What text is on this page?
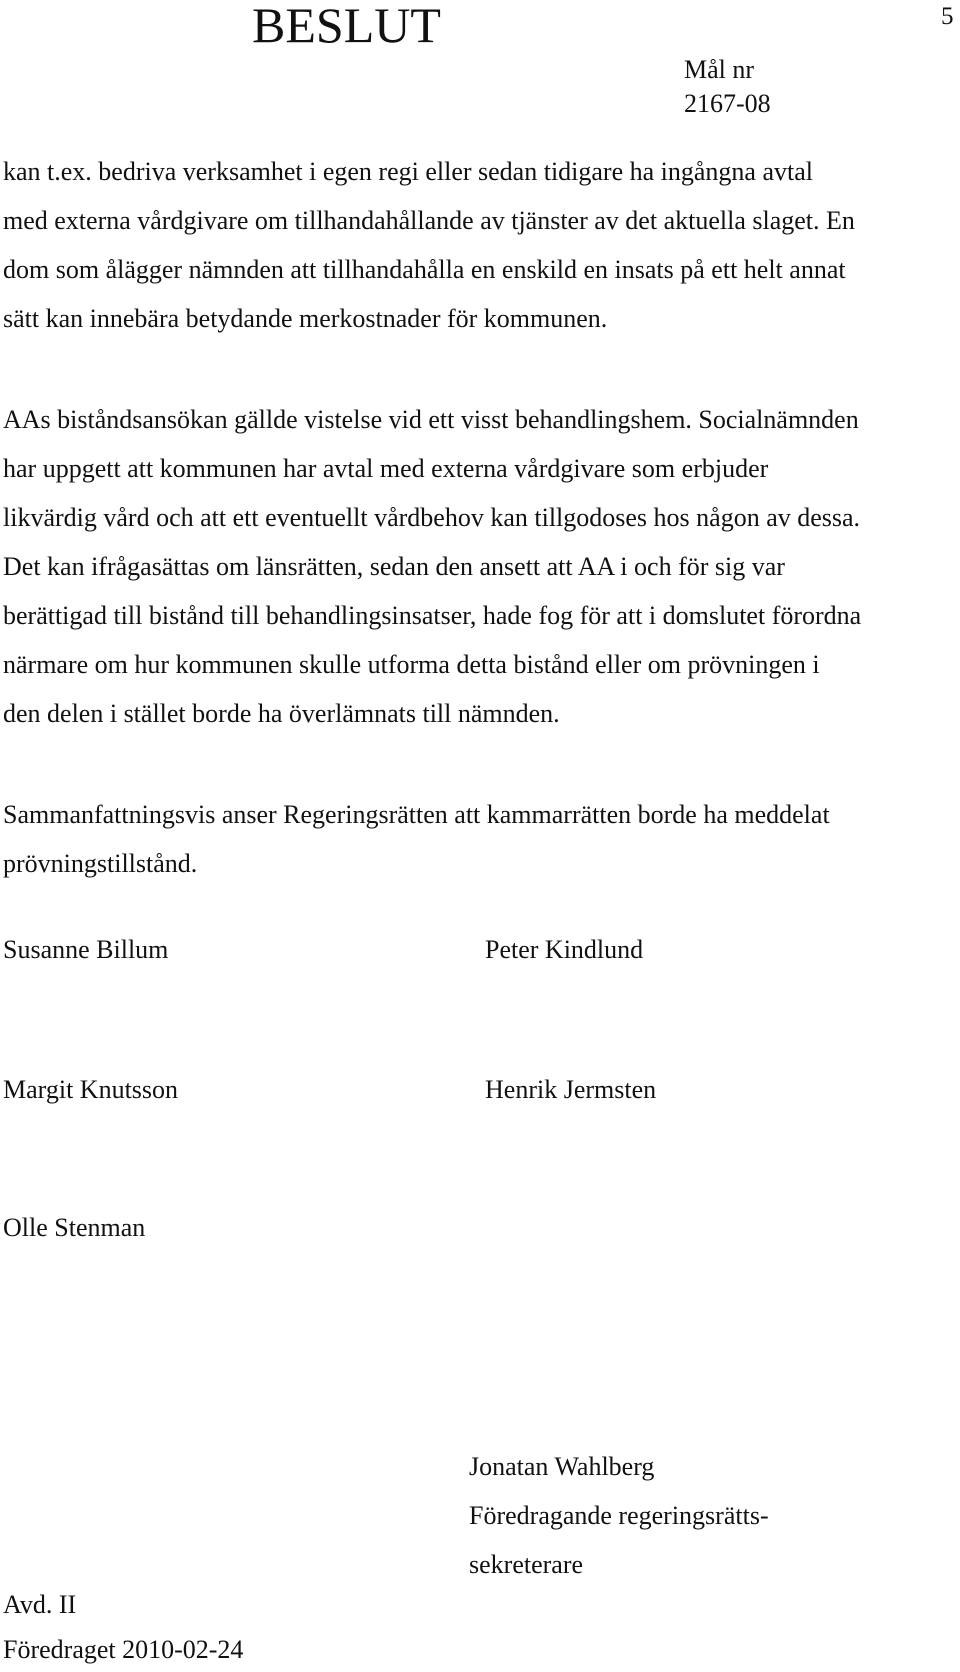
BESLUT	5
Mål nr
2167-08
kan t.ex. bedriva verksamhet i egen regi eller sedan tidigare ha ingångna avtal
med externa vårdgivare om tillhandahållande av tjänster av det aktuella slaget. En
dom som ålägger nämnden att tillhandahålla en enskild en insats på ett helt annat
sätt kan innebära betydande merkostnader för kommunen.
AAs biståndsansökan gällde vistelse vid ett visst behandlingshem. Socialnämnden
har uppgett att kommunen har avtal med externa vårdgivare som erbjuder
likvärdig vård och att ett eventuellt vårdbehov kan tillgodoses hos någon av dessa.
Det kan ifrågasättas om länsrätten, sedan den ansett att AA i och för sig var
berättigad till bistånd till behandlingsinsatser, hade fog för att i domslutet förordna
närmare om hur kommunen skulle utforma detta bistånd eller om prövningen i
den delen i stället borde ha överlämnats till nämnden.
Sammanfattningsvis anser Regeringsrätten att kammarrätten borde ha meddelat
prövningstillstånd.
Susanne Billum	Peter Kindlund
Margit Knutsson	Henrik Jermsten
Olle Stenman
Jonatan Wahlberg
Föredragande regeringsrätts-
sekreterare
Avd. II
Föredraget 2010-02-24
